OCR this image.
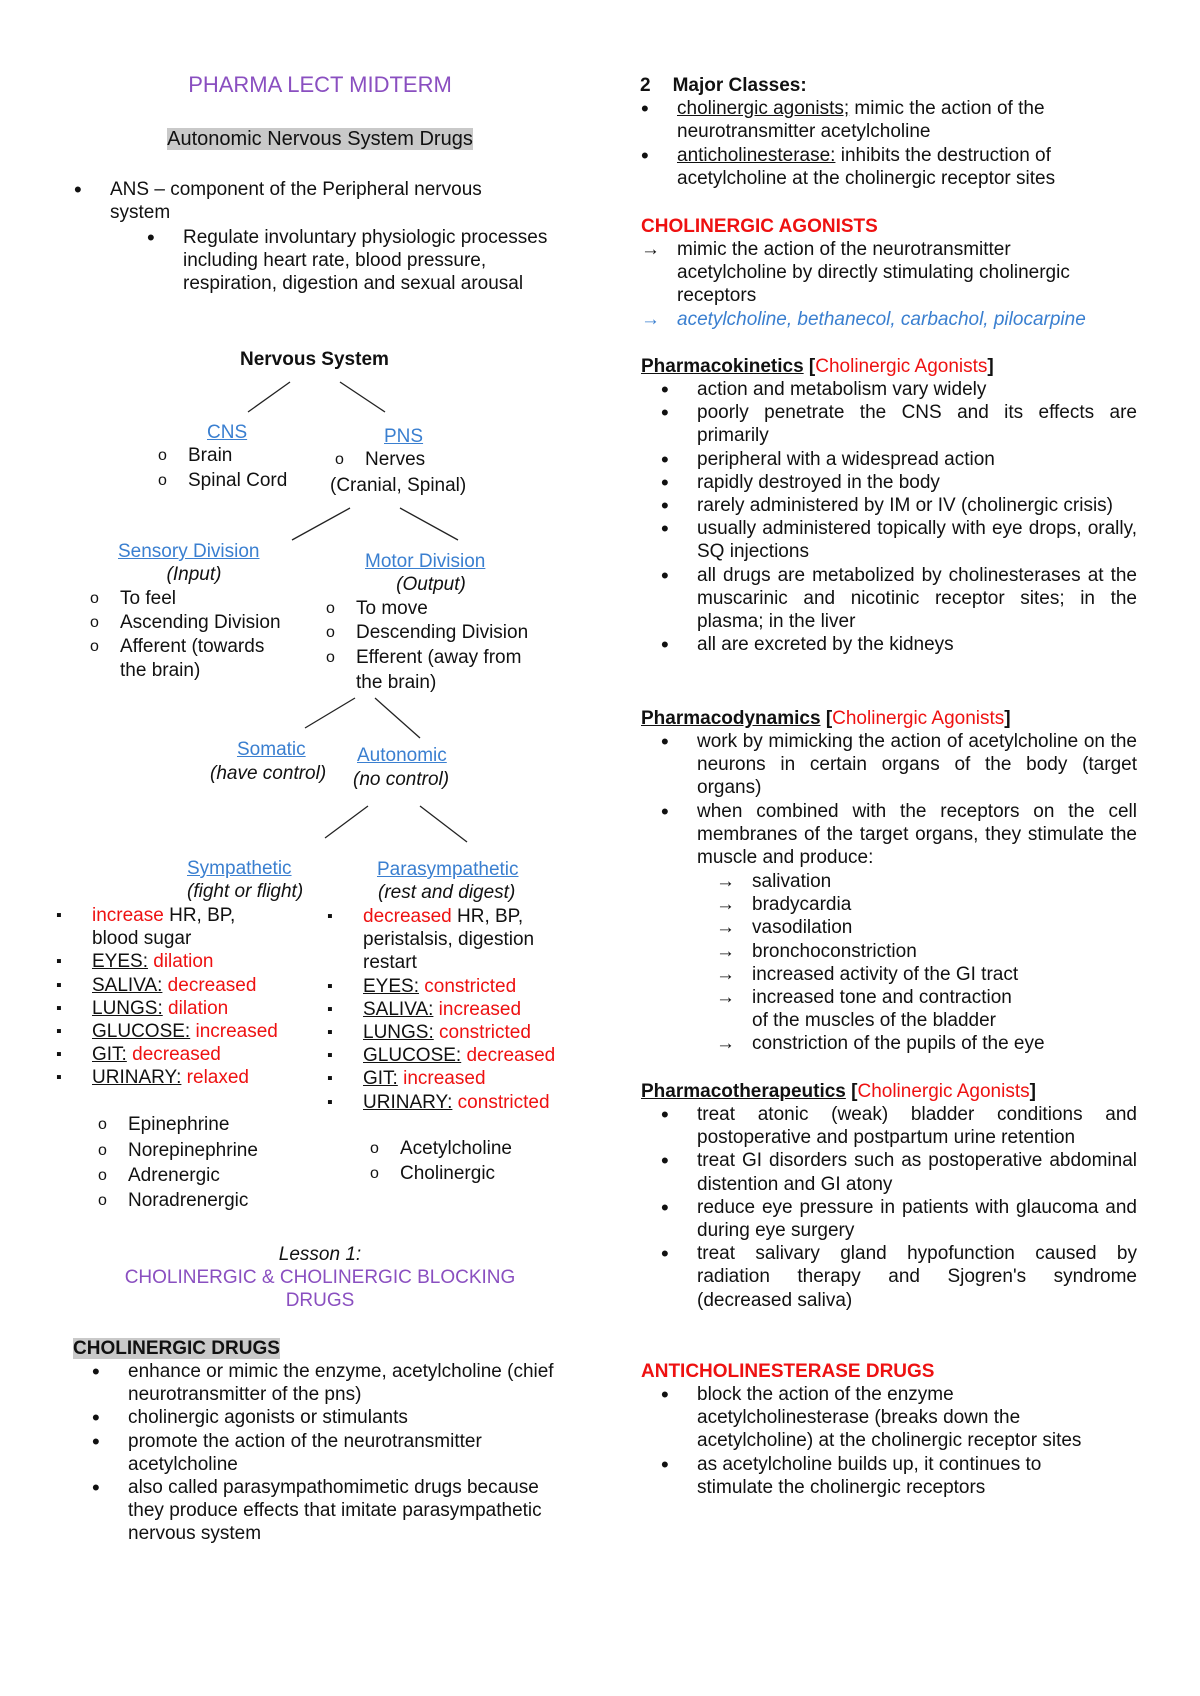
PHARMA LECT MIDTERM
Autonomic Nervous System Drugs
• ANS – component of the Peripheral nervous system
• Regulate involuntary physiologic processes including heart rate, blood pressure, respiration, digestion and sexual arousal
Nervous System
CNS
o Brain
o Spinal Cord
PNS
o Nerves
(Cranial, Spinal)
Sensory Division
(Input)
o To feel
o Ascending Division
o Afferent (towards
the brain)
Motor Division
(Output)
o To move
o Descending Division
o Efferent (away from
the brain)
Somatic
(have control)
Autonomic
(no control)
Sympathetic
(fight or flight)
▪ increase HR, BP,
blood sugar
▪ EYES: dilation
▪ SALIVA: decreased
▪ LUNGS: dilation
▪ GLUCOSE: increased
▪ GIT: decreased
▪ URINARY: relaxed
o Epinephrine
o Norepinephrine
o Adrenergic
o Noradrenergic
Parasympathetic
(rest and digest)
▪ decreased HR, BP,
peristalsis, digestion
restart
▪ EYES: constricted
▪ SALIVA: increased
▪ LUNGS: constricted
▪ GLUCOSE: decreased
▪ GIT: increased
▪ URINARY: constricted
o Acetylcholine
o Cholinergic
Lesson 1:
CHOLINERGIC & CHOLINERGIC BLOCKING DRUGS
CHOLINERGIC DRUGS
• enhance or mimic the enzyme, acetylcholine (chief neurotransmitter of the pns)
• cholinergic agonists or stimulants
• promote the action of the neurotransmitter acetylcholine
• also called parasympathomimetic drugs because they produce effects that imitate parasympathetic nervous system
2 Major Classes:
• cholinergic agonists; mimic the action of the neurotransmitter acetylcholine
• anticholinesterase: inhibits the destruction of acetylcholine at the cholinergic receptor sites
CHOLINERGIC AGONISTS
→ mimic the action of the neurotransmitter acetylcholine by directly stimulating cholinergic receptors
→ acetylcholine, bethanecol, carbachol, pilocarpine
Pharmacokinetics [Cholinergic Agonists]
• action and metabolism vary widely
• poorly penetrate the CNS and its effects are primarily
• peripheral with a widespread action
• rapidly destroyed in the body
• rarely administered by IM or IV (cholinergic crisis)
• usually administered topically with eye drops, orally, SQ injections
• all drugs are metabolized by cholinesterases at the muscarinic and nicotinic receptor sites; in the plasma; in the liver
• all are excreted by the kidneys
Pharmacodynamics [Cholinergic Agonists]
• work by mimicking the action of acetylcholine on the neurons in certain organs of the body (target organs)
• when combined with the receptors on the cell membranes of the target organs, they stimulate the muscle and produce:
→ salivation
→ bradycardia
→ vasodilation
→ bronchoconstriction
→ increased activity of the GI tract
→ increased tone and contraction
of the muscles of the bladder
→ constriction of the pupils of the eye
Pharmacotherapeutics [Cholinergic Agonists]
• treat atonic (weak) bladder conditions and postoperative and postpartum urine retention
• treat GI disorders such as postoperative abdominal distention and GI atony
• reduce eye pressure in patients with glaucoma and during eye surgery
• treat salivary gland hypofunction caused by radiation therapy and Sjogren's syndrome (decreased saliva)
ANTICHOLINESTERASE DRUGS
• block the action of the enzyme acetylcholinesterase (breaks down the acetylcholine) at the cholinergic receptor sites
• as acetylcholine builds up, it continues to stimulate the cholinergic receptors
